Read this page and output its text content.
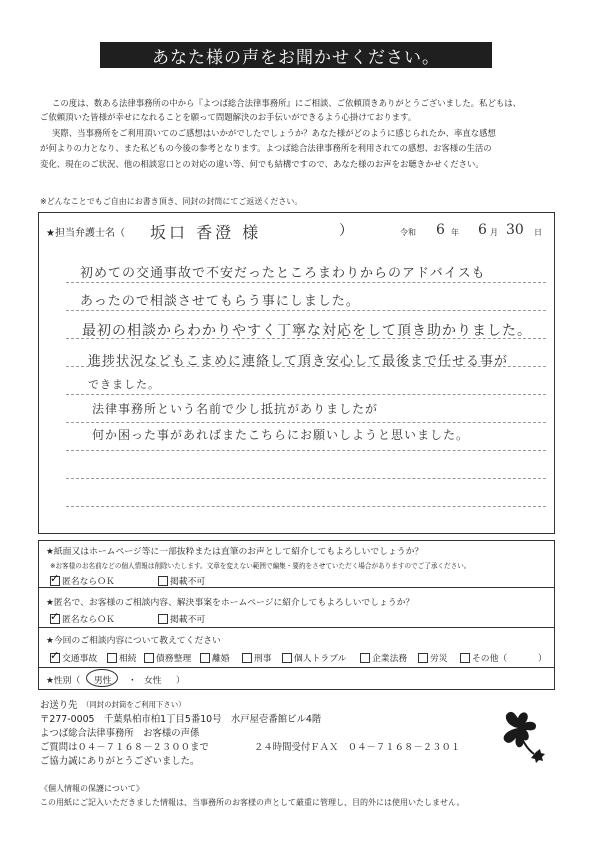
あなた様の声をお聞かせください。
この度は、数ある法律事務所の中から『よつば総合法律事務所』にご相談、ご依頼頂きありがとうございました。私どもは、
ご依頼頂いた皆様が幸せになれることを願って問題解決のお手伝いができるよう心掛けております。
実際、当事務所をご利用頂いてのご感想はいかがでしたでしょうか？あなた様がどのように感じられたか、率直な感想
が何よりの力となり、また私どもの今後の参考となります。よつば総合法律事務所を利用されての感想、お客様の生活の
変化、現在のご状況、他の相談窓口との対応の違い等、何でも結構ですので、あなた様のお声をお聴きかせください。
※どんなことでもご自由にお書き頂き、同封の封筒にてご返送ください。
★担当弁護士名（ 坂口 香澄 様	）	令和 6 年 6 月 30 日
初めての交通事故で不安だったところまわりからのアドバイスも
あったので相談させてもらう事にしました。
最初の相談からわかりやすく丁寧な対応をして頂き助かりました。
進捗状況などもこまめに連絡して頂き安心して最後まで任せる事が
できました。
法律事務所という名前で少し抵抗がありましたが
何か困った事があればまたこちらにお願いしようと思いました。
★紙面又はホームページ等に一部抜粋または直筆のお声として紹介してもよろしいでしょうか？
※お客様のお名前などの個人情報は削除いたします。文章を変えない範囲で編集・要約をさせていただく場合がありますのでご了承ください。
✓
匿名ならＯＫ	掲載不可
★匿名で、お客様のご相談内容、解決事案をホームページに紹介してもよろしいでしょうか？
✓
匿名ならＯＫ	掲載不可
★今回のご相談内容について教えてください
✓
交通事故 相続 債務整理 離婚	刑事	個人トラブル	企業法務	労災	その他（	）
★性別（ 男性 ・ 女性 ）
お送り先 （同封の封筒をご利用下さい）
〒277-0005　千葉県柏市柏1丁目5番10号　水戸屋壱番館ビル4階
よつば総合法律事務所　お客様の声係
ご質問は０４－７１６８－２３００まで	２４時間受付ＦＡＸ　０４－７１６８－２３０１
ご協力誠にありがとうございました。
《個人情報の保護について》
この用紙にご記入いただきました情報は、当事務所のお客様の声として厳重に管理し、目的外には使用いたしません。
